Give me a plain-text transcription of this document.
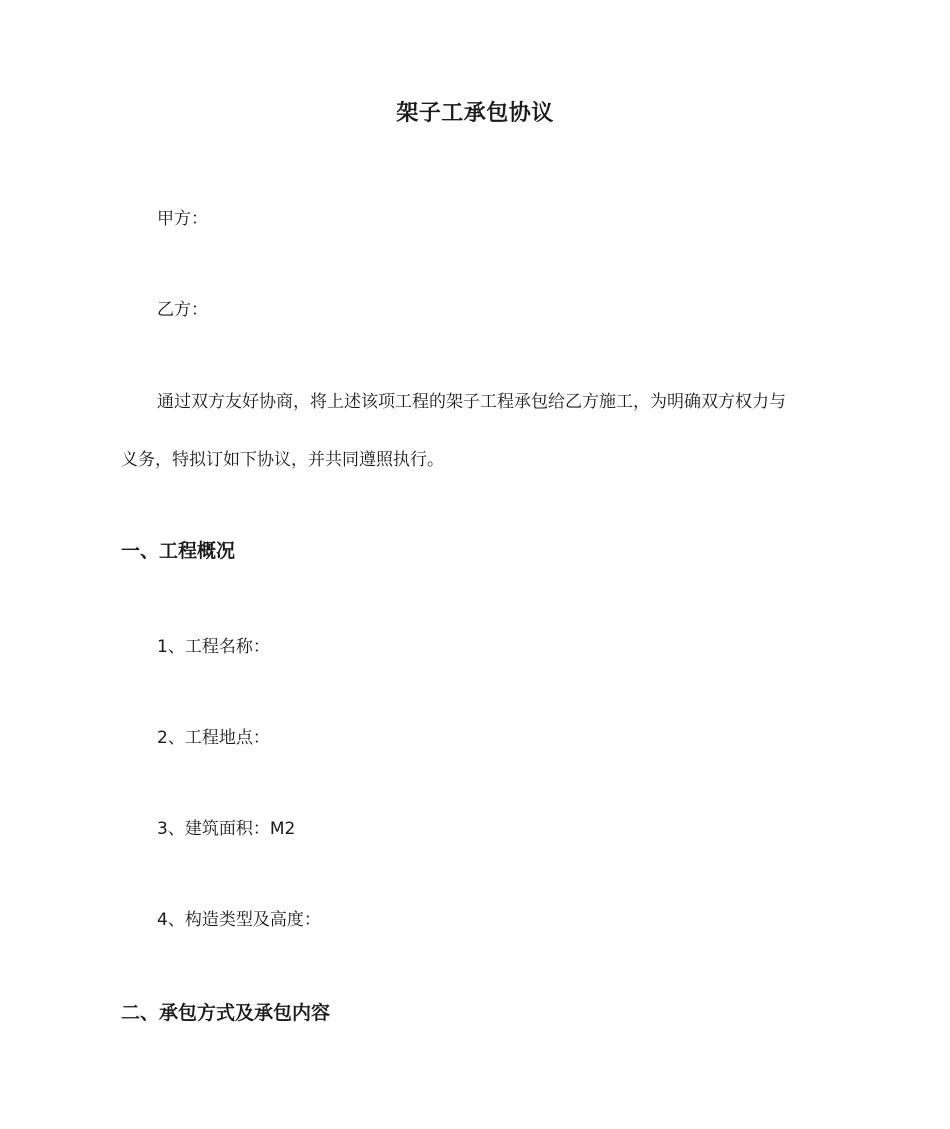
架子工承包协议
甲方：
乙方：
通过双方友好协商，将上述该项工程的架子工程承包给乙方施工，为明确双方权力与
义务，特拟订如下协议，并共同遵照执行。
一、工程概况
1、工程名称：
2、工程地点：
3、建筑面积：M2
4、构造类型及高度：
二、承包方式及承包内容
